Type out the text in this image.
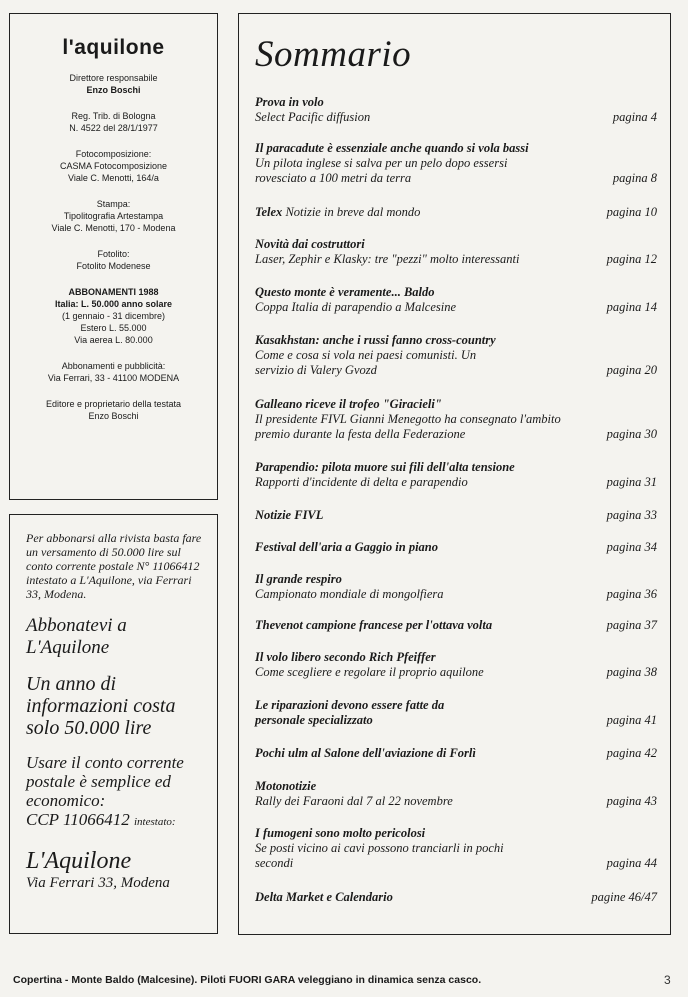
l'aquilone
Direttore responsabile
Enzo Boschi
Reg. Trib. di Bologna
N. 4522 del 28/1/1977
Fotocomposizione:
CASMA Fotocomposizione
Viale C. Menotti, 164/a
Stampa:
Tipolitografia Artestampa
Viale C. Menotti, 170 - Modena
Fotolito:
Fotolito Modenese
ABBONAMENTI 1988
Italia: L. 50.000 anno solare
(1 gennaio - 31 dicembre)
Estero L. 55.000
Via aerea L. 80.000
Abbonamenti e pubblicità:
Via Ferrari, 33 - 41100 MODENA
Editore e proprietario della testata
Enzo Boschi
Per abbonarsi alla rivista basta fare un versamento di 50.000 lire sul conto corrente postale N° 11066412 intestato a L'Aquilone, via Ferrari 33, Modena.
Abbonatevi a L'Aquilone
Un anno di informazioni costa solo 50.000 lire
Usare il conto corrente postale è semplice ed economico:
CCP 11066412 intestato:
L'Aquilone
Via Ferrari 33, Modena
Sommario
Prova in volo
Select Pacific diffusion	pagina 4
Il paracadute è essenziale anche quando si vola bassi
Un pilota inglese si salva per un pelo dopo essersi rovesciato a 100 metri da terra	pagina 8
Telex Notizie in breve dal mondo	pagina 10
Novità dai costruttori
Laser, Zephir e Klasky: tre "pezzi" molto interessanti	pagina 12
Questo monte è veramente... Baldo
Coppa Italia di parapendio a Malcesine	pagina 14
Kasakhstan: anche i russi fanno cross-country
Come e cosa si vola nei paesi comunisti. Un servizio di Valery Gvozd	pagina 20
Galleano riceve il trofeo "Giracieli"
Il presidente FIVL Gianni Menegotto ha consegnato l'ambito premio durante la festa della Federazione	pagina 30
Parapendio: pilota muore sui fili dell'alta tensione
Rapporti d'incidente di delta e parapendio	pagina 31
Notizie FIVL	pagina 33
Festival dell'aria a Gaggio in piano	pagina 34
Il grande respiro
Campionato mondiale di mongolfiera	pagina 36
Thevenot campione francese per l'ottava volta	pagina 37
Il volo libero secondo Rich Pfeiffer
Come scegliere e regolare il proprio aquilone	pagina 38
Le riparazioni devono essere fatte da personale specializzato	pagina 41
Pochi ulm al Salone dell'aviazione di Forlì	pagina 42
Motonotizie
Rally dei Faraoni dal 7 al 22 novembre	pagina 43
I fumogeni sono molto pericolosi
Se posti vicino ai cavi possono tranciarli in pochi secondi	pagina 44
Delta Market e Calendario	pagine 46/47
Copertina - Monte Baldo (Malcesine). Piloti FUORI GARA veleggiano in dinamica senza casco.	3
